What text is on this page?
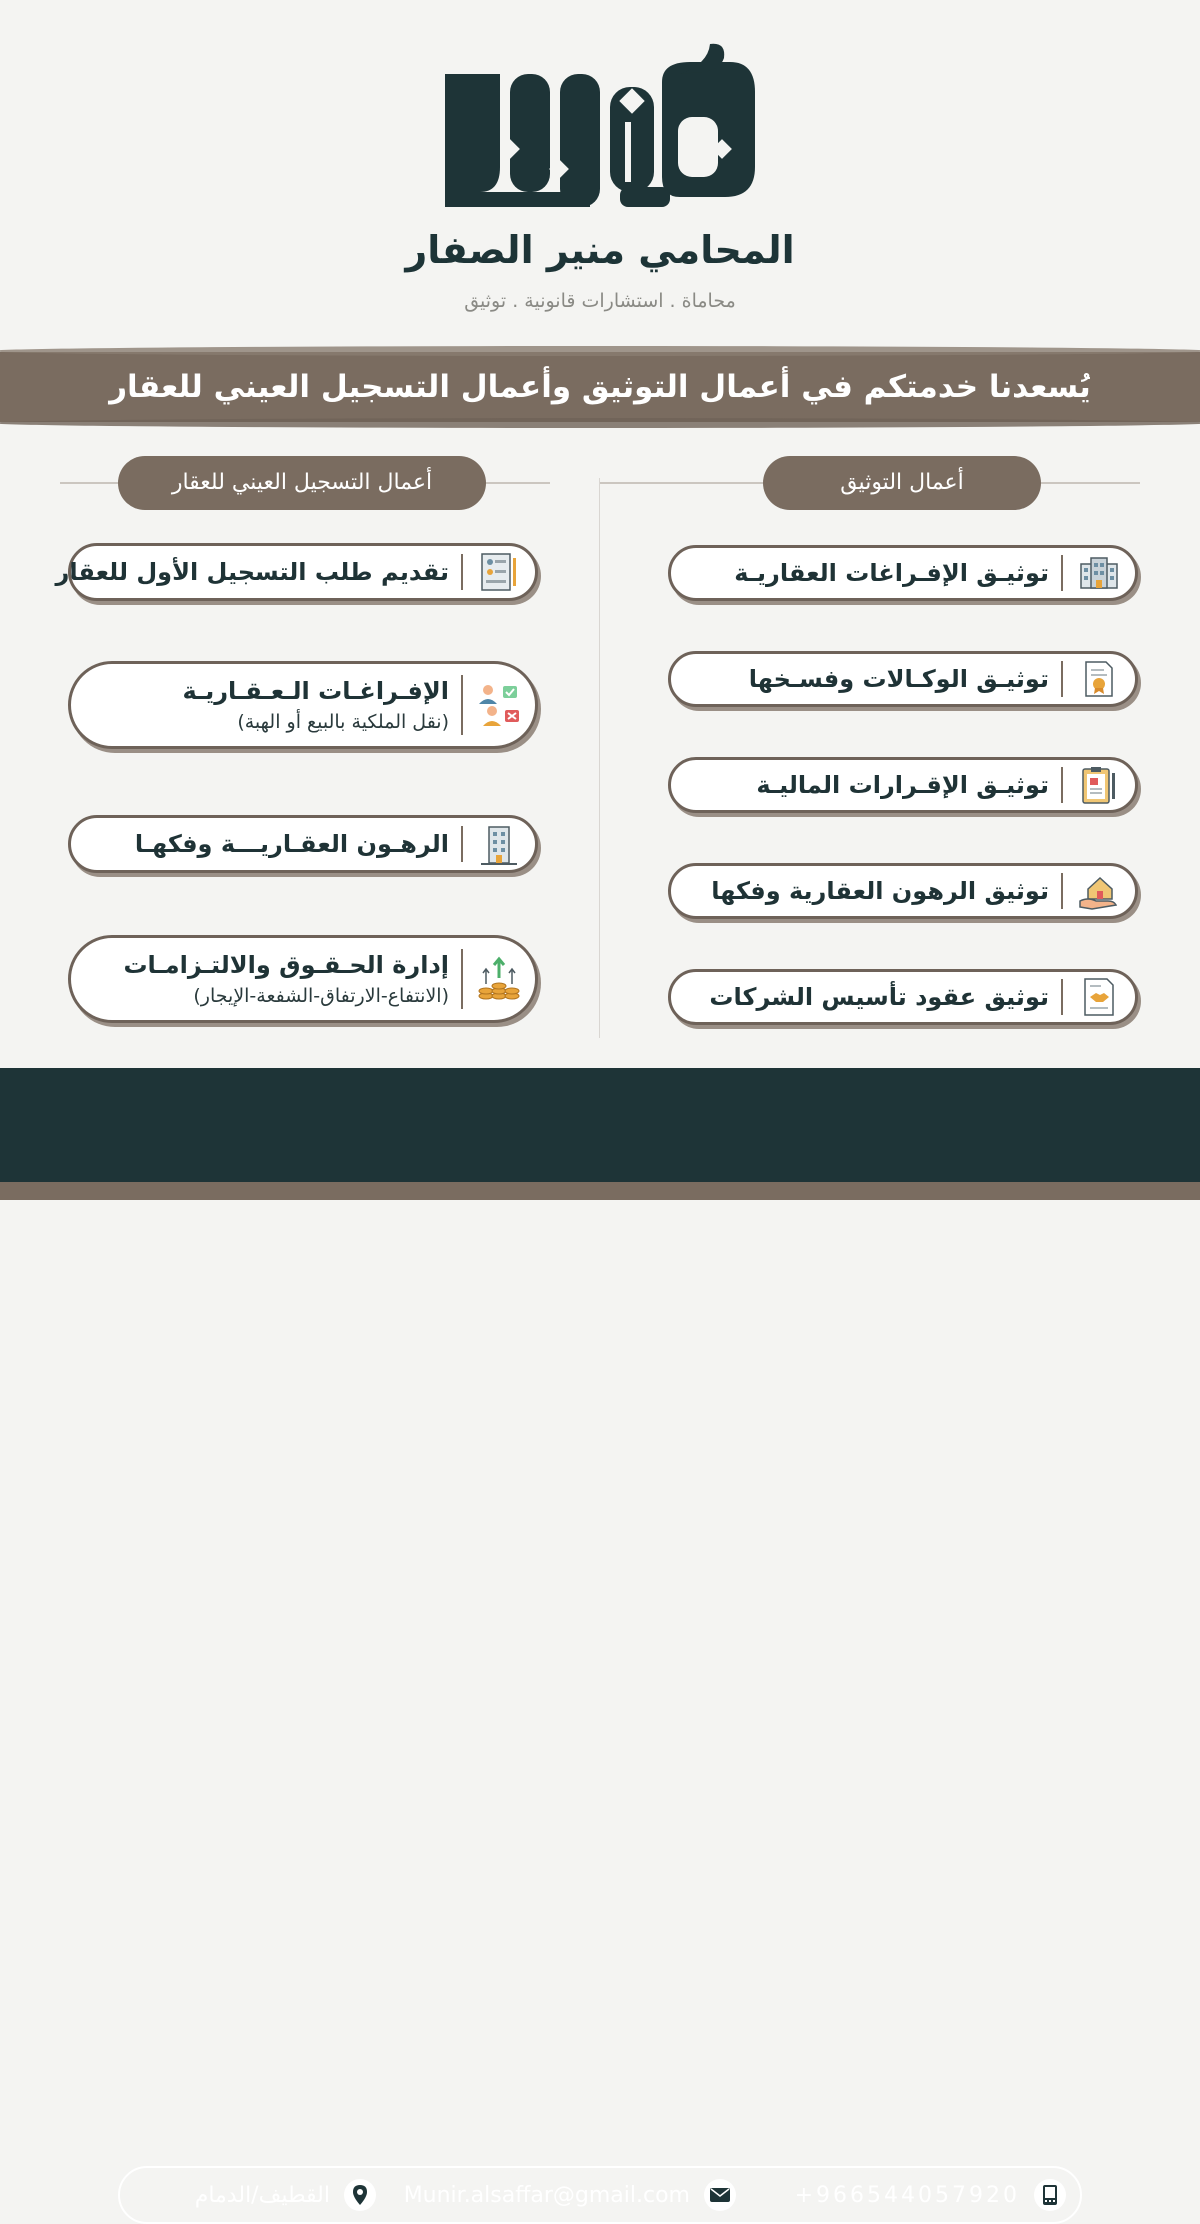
المحامي منير الصفار
محاماة . استشارات قانونية . توثيق
يُسعدنا خدمتكم في أعمال التوثيق وأعمال التسجيل العيني للعقار
أعمال التوثيق
أعمال التسجيل العيني للعقار
توثيـق الإفـراغات العقاريـة
توثيـق الوكـالات وفسـخها
توثيـق الإقـرارات الماليـة
توثيق الرهون العقارية وفكها
توثيق عقود تأسيس الشركات
تقديم طلب التسجيل الأول للعقار
الإفـراغـات الـعـقـاريـة
(نقل الملكية بالبيع أو الهبة)
الرهـون العقـاريـــة وفكهـا
إدارة الحـقـوق والالتـزامـات
(الانتفاع-الارتفاق-الشفعة-الإيجار)
+966544057920
Munir.alsaffar@gmail.com
القطيف/الدمام
